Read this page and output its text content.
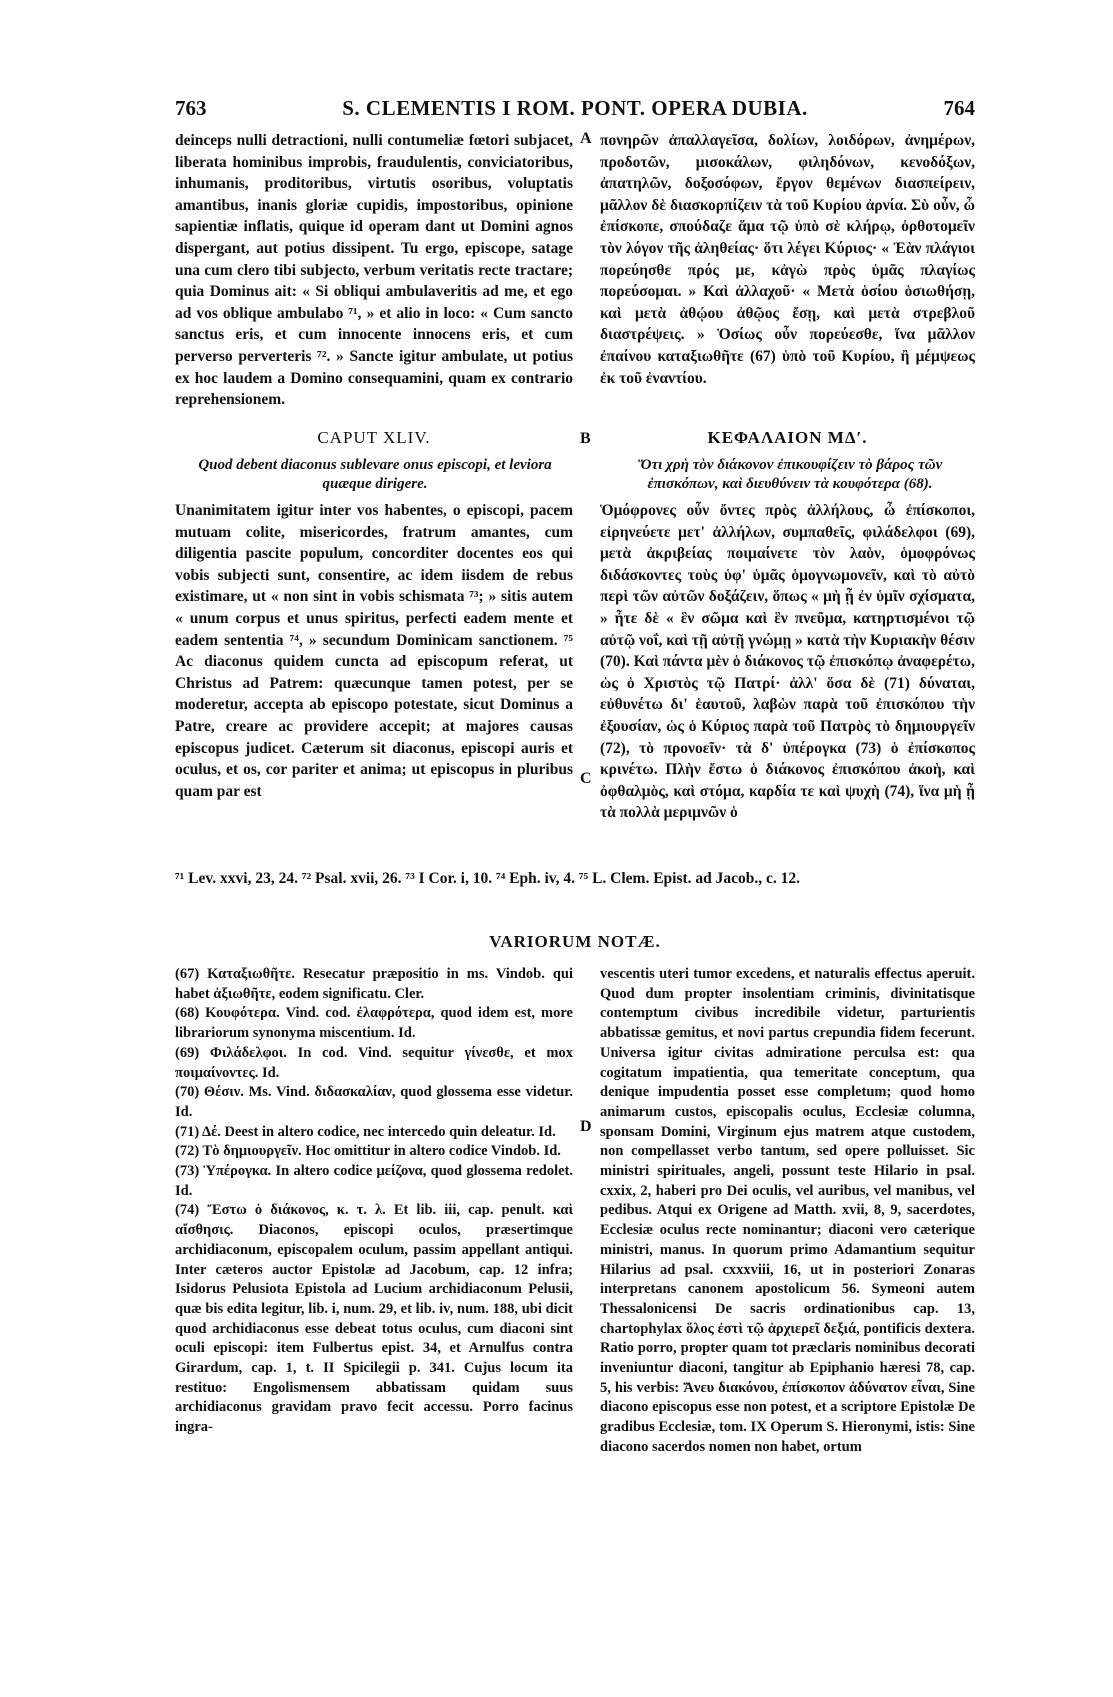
763	S. CLEMENTIS I ROM. PONT. OPERA DUBIA.	764

deinceps nulli detractioni, nulli contumeliæ fœtori subjacet, liberata hominibus improbis, fraudulentis, conviciatoribus, inhumanis, proditoribus, virtutis osoribus, voluptatis amantibus, inanis gloriæ cupidis, impostoribus, opinione sapientiæ inflatis, quique id operam dant ut Domini agnos dispergant, aut potius dissipent. Tu ergo, episcope, satage una cum clero tibi subjecto, verbum veritatis recte tractare; quia Dominus ait: « Si obliqui ambulaveritis ad me, et ego ad vos oblique ambulabo ⁷¹, » et alio in loco: « Cum sancto sanctus eris, et cum innocente innocens eris, et cum perverso perverteris ⁷². » Sancte igitur ambulate, ut potius ex hoc laudem a Domino consequamini, quam ex contrario reprehensionem.

A πονηρῶν ἀπαλλαγεῖσα, δολίων, λοιδόρων, ἀνημέρων, προδοτῶν, μισοκάλων, φιληδόνων, κενοδόξων, ἀπατηλῶν, δοξοσόφων, ἔργον θεμένων διασπείρειν, μᾶλλον δὲ διασκορπίζειν τὰ τοῦ Κυρίου ἀρνία. Σὺ οὖν, ὦ ἐπίσκοπε, σπούδαζε ἅμα τῷ ὑπὸ σὲ κλήρῳ, ὀρθοτομεῖν τὸν λόγον τῆς ἀληθείας· ὅτι λέγει Κύριος· « Ἐὰν πλάγιοι πορεύησθε πρός με, κἀγὼ πρὸς ὑμᾶς πλαγίως πορεύσομαι. » Καὶ ἀλλαχοῦ· « Μετὰ ὁσίου ὁσιωθήσῃ, καὶ μετὰ ἀθῴου ἀθῷος ἔσῃ, καὶ μετὰ στρεβλοῦ διαστρέψεις. » Ὁσίως οὖν πορεύεσθε, ἵνα μᾶλλον ἐπαίνου καταξιωθῆτε (67) ὑπὸ τοῦ Κυρίου, ἢ μέμψεως ἐκ τοῦ ἐναντίου.

CAPUT XLIV.	B	ΚΕΦΑΛΑΙΟΝ ΜΔʹ.
Quod debent diaconus sublevare onus episcopi, et leviora quæque dirigere.
Ὅτι χρὴ τὸν διάκονον ἐπικουφίζειν τὸ βάρος τῶν ἐπισκόπων, καὶ διευθύνειν τὰ κουφότερα (68).

Unanimitatem igitur inter vos habentes, o episcopi, pacem mutuam colite, misericordes, fratrum amantes, cum diligentia pascite populum, concorditer docentes eos qui vobis subjecti sunt, consentire, ac idem iisdem de rebus existimare, ut « non sint in vobis schismata ⁷³; » sitis autem « unum corpus et unus spiritus, perfecti eadem mente et eadem sententia ⁷⁴, » secundum Dominicam sanctionem. ⁷⁵ Ac diaconus quidem cuncta ad episcopum referat, ut Christus ad Patrem: quæcunque tamen potest, per se moderetur, accepta ab episcopo potestate, sicut Dominus a Patre, creare ac providere accepit; at majores causas episcopus judicet. Cæterum sit diaconus, episcopi auris et oculus, et os, cor pariter et anima; ut episcopus in pluribus quam par est

C

Ὁμόφρονες οὖν ὄντες πρὸς ἀλλήλους, ὦ ἐπίσκοποι, εἰρηνεύετε μετ' ἀλλήλων, συμπαθεῖς, φιλάδελφοι (69), μετὰ ἀκριβείας ποιμαίνετε τὸν λαὸν, ὁμοφρόνως διδάσκοντες τοὺς ὑφ' ὑμᾶς ὁμογνωμονεῖν, καὶ τὸ αὐτὸ περὶ τῶν αὐτῶν δοξάζειν, ὅπως « μὴ ᾖ ἐν ὑμῖν σχίσματα, » ἦτε δὲ « ἓν σῶμα καὶ ἓν πνεῦμα, κατηρτισμένοι τῷ αὐτῷ νοΐ, καὶ τῇ αὐτῇ γνώμῃ » κατὰ τὴν Κυριακὴν θέσιν (70). Καὶ πάντα μὲν ὁ διάκονος τῷ ἐπισκόπῳ ἀναφερέτω, ὡς ὁ Χριστὸς τῷ Πατρί· ἀλλ' ὅσα δὲ (71) δύναται, εὐθυνέτω δι' ἑαυτοῦ, λαβὼν παρὰ τοῦ ἐπισκόπου τὴν ἐξουσίαν, ὡς ὁ Κύριος παρὰ τοῦ Πατρὸς τὸ δημιουργεῖν (72), τὸ προνοεῖν· τὰ δ' ὑπέρογκα (73) ὁ ἐπίσκοπος κρινέτω. Πλὴν ἔστω ὁ διάκονος ἐπισκόπου ἀκοὴ, καὶ ὀφθαλμὸς, καὶ στόμα, καρδία τε καὶ ψυχὴ (74), ἵνα μὴ ᾖ τὰ πολλὰ μεριμνῶν ὁ

⁷¹ Lev. xxvi, 23, 24. ⁷² Psal. xvii, 26. ⁷³ I Cor. i, 10. ⁷⁴ Eph. iv, 4. ⁷⁵ L. Clem. Epist. ad Jacob., c. 12.
VARIORUM NOTÆ.

(67) Καταξιωθῆτε. Resecatur præpositio in ms. Vindob. qui habet ἀξιωθῆτε, eodem significatu. Cler.

(68) Κουφότερα. Vind. cod. ἐλαφρότερα, quod idem est, more librariorum synonyma miscentium. Id.

(69) Φιλάδελφοι. In cod. Vind. sequitur γίνεσθε, et mox ποιμαίνοντες. Id.

(70) Θέσιν. Ms. Vind. διδασκαλίαν, quod glossema esse videtur. Id.

(71) Δέ. Deest in altero codice, nec intercedo quin deleatur. Id.

(72) Τὸ δημιουργεῖν. Hoc omittitur in altero codice Vindob. Id.

(73) Ὑπέρογκα. In altero codice μείζονα, quod glossema redolet. Id.

(74) Ἔστω ὁ διάκονος, κ. τ. λ. Et lib. iii, cap. penult. καὶ αἴσθησις. Diaconos, episcopi oculos, præsertimque archidiaconum, episcopalem oculum, passim appellant antiqui. Inter cæteros auctor Epistolæ ad Jacobum, cap. 12 infra; Isidorus Pelusiota Epistola ad Lucium archidiaconum Pelusii, quæ bis edita legitur, lib. i, num. 29, et lib. iv, num. 188, ubi dicit quod archidiaconus esse debeat totus oculus, cum diaconi sint oculi episcopi: item Fulbertus epist. 34, et Arnulfus contra Girardum, cap. 1, t. II Spicilegii p. 341. Cujus locum ita restituo: Engolismensem abbatissam quidam suus archidiaconus gravidam pravo fecit accessu. Porro facinus ingra-

D

vescentis uteri tumor excedens, et naturalis effectus aperuit. Quod dum propter insolentiam criminis, divinitatisque contemptum civibus incredibile videtur, parturientis abbatissæ gemitus, et novi partus crepundia fidem fecerunt. Universa igitur civitas admiratione perculsa est: qua cogitatum impatientia, qua temeritate conceptum, qua denique impudentia posset esse completum; quod homo animarum custos, episcopalis oculus, Ecclesiæ columna, sponsam Domini, Virginum ejus matrem atque custodem, non compellasset verbo tantum, sed opere polluisset. Sic ministri spirituales, angeli, possunt teste Hilario in psal. cxxix, 2, haberi pro Dei oculis, vel auribus, vel manibus, vel pedibus. Atqui ex Origene ad Matth. xvii, 8, 9, sacerdotes, Ecclesiæ oculus recte nominantur; diaconi vero cæterique ministri, manus. In quorum primo Adamantium sequitur Hilarius ad psal. cxxxviii, 16, ut in posteriori Zonaras interpretans canonem apostolicum 56. Symeoni autem Thessalonicensi De sacris ordinationibus cap. 13, chartophylax ὅλος ἐστὶ τῷ ἀρχιερεῖ δεξιά, pontificis dextera. Ratio porro, propter quam tot præclaris nominibus decorati inveniuntur diaconi, tangitur ab Epiphanio hæresi 78, cap. 5, his verbis: Ἄνευ διακόνου, ἐπίσκοπον ἀδύνατον εἶναι, Sine diacono episcopus esse non potest, et a scriptore Epistolæ De gradibus Ecclesiæ, tom. IX Operum S. Hieronymi, istis: Sine diacono sacerdos nomen non habet, ortum
